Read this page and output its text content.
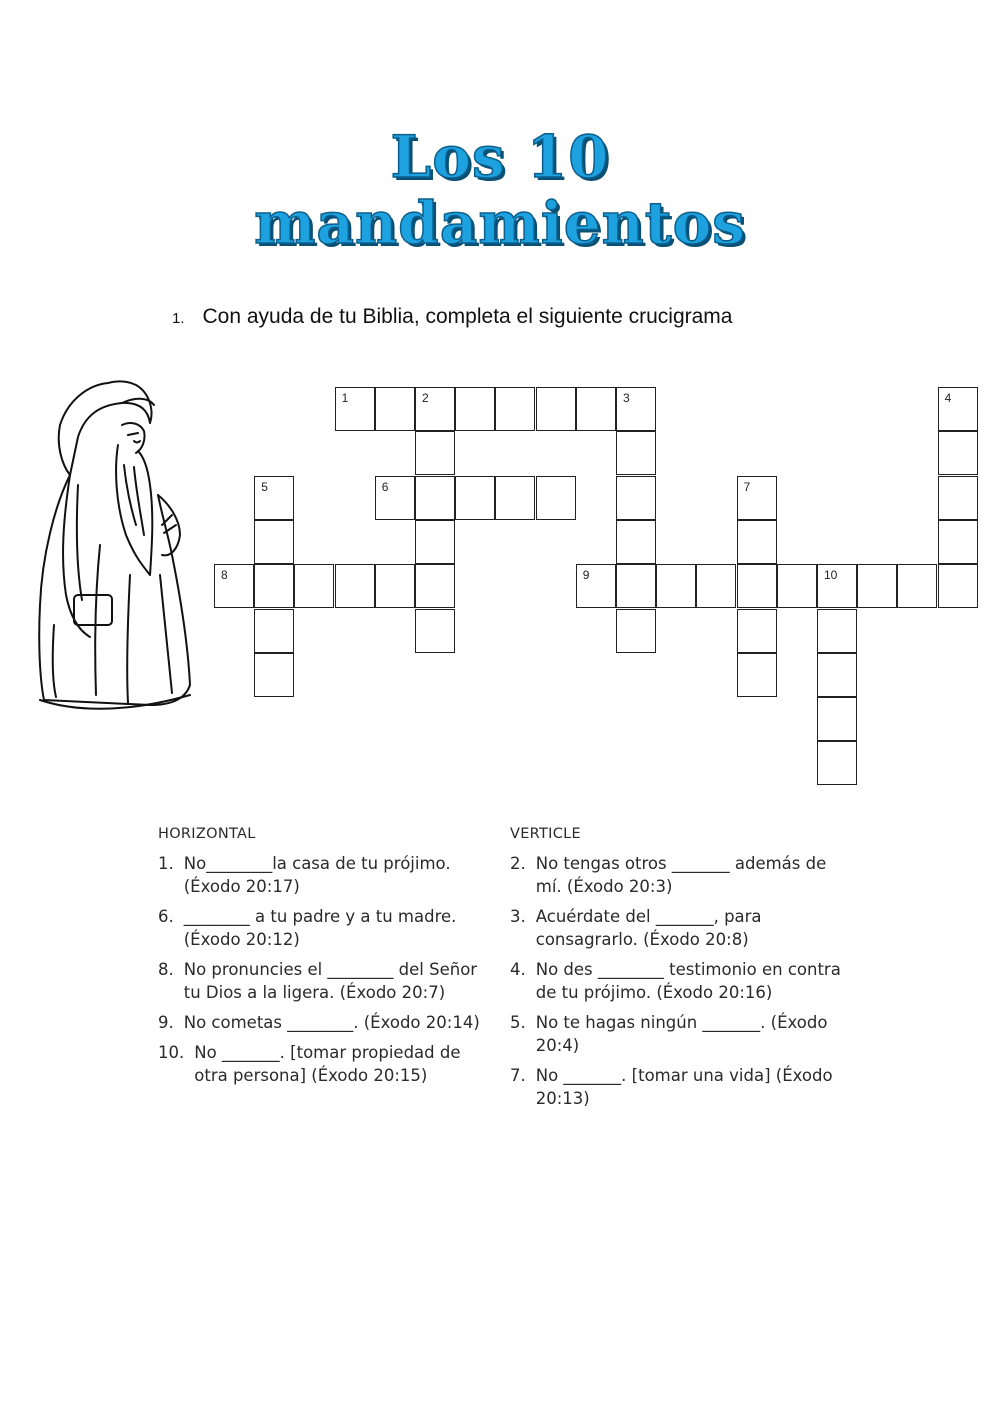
Los 10
mandamientos
1. Con ayuda de tu Biblia, completa el siguiente crucigrama
1	2	3	4
5	6	7
8	9	10
HORIZONTAL
1. No________la casa de tu prójimo. (Éxodo 20:17)
6. ________ a tu padre y a tu madre. (Éxodo 20:12)
8. No pronuncies el ________ del Señor tu Dios a la ligera. (Éxodo 20:7)
9. No cometas ________. (Éxodo 20:14)
10. No _______. [tomar propiedad de otra persona] (Éxodo 20:15)
VERTICLE
2. No tengas otros _______ además de mí. (Éxodo 20:3)
3. Acuérdate del _______, para consagrarlo. (Éxodo 20:8)
4. No des ________ testimonio en contra de tu prójimo. (Éxodo 20:16)
5. No te hagas ningún _______. (Éxodo 20:4)
7. No _______. [tomar una vida] (Éxodo 20:13)
